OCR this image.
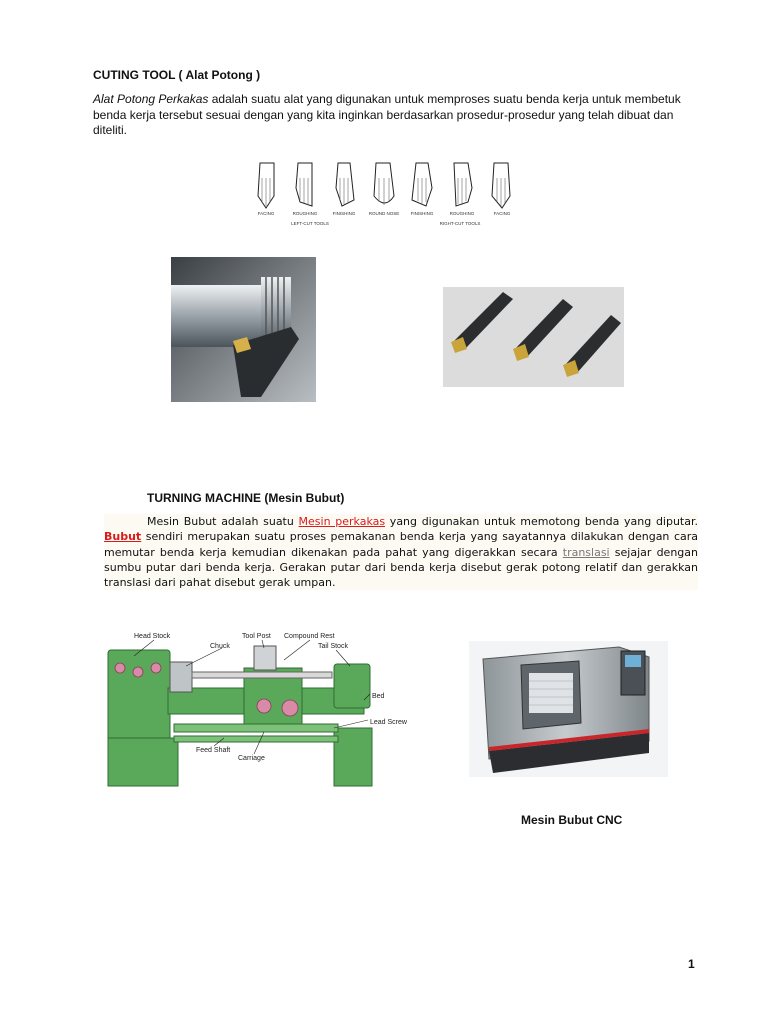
CUTING TOOL ( Alat Potong )
Alat Potong Perkakas adalah suatu alat yang digunakan untuk memproses suatu benda kerja untuk membetuk benda kerja tersebut sesuai dengan yang kita inginkan berdasarkan prosedur-prosedur yang telah dibuat dan diteliti.
FACING	ROUGHING	FINISHING	ROUND NOSE	FINISHING	ROUGHING	FACING
LEFT-CUT TOOLS	RIGHT-CUT TOOLS
TURNING MACHINE (Mesin Bubut)
Mesin Bubut adalah suatu Mesin perkakas yang digunakan untuk memotong benda yang diputar. Bubut sendiri merupakan suatu proses pemakanan benda kerja yang sayatannya dilakukan dengan cara memutar benda kerja kemudian dikenakan pada pahat yang digerakkan secara translasi sejajar dengan sumbu putar dari benda kerja. Gerakan putar dari benda kerja disebut gerak potong relatif dan gerakkan translasi dari pahat disebut gerak umpan.
Head Stock
Chuck
Tool Post Compound Rest
Tail Stock
Bed
Lead Screw
Feed Shaft
Carriage
Mesin Bubut CNC
1
